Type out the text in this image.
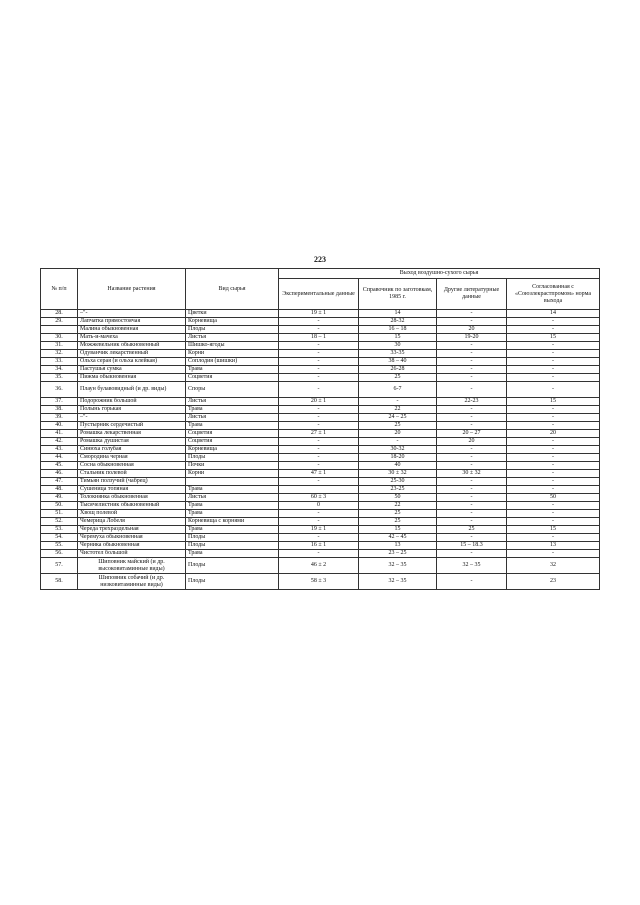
223
№ п/п	Название растения	Вид сырья	Выход воздушно-сухого сырья			
			Экспериментальные данные	Справочник по заготовкам, 1985 г.	Другие литературные данные	Согласованная с «Союзлекрастпромом» норма выхода
28.	–"-	Цветки	19 ± 1	14	-	14
29.	Лапчатка прямостоячая	Корневища	-	28-32	-	-
	Малина обыкновенная	Плоды	-	16 – 18	20	-
30.	Мать-и-мачеха	Листья	18 – 1	15	19-20	15
31.	Можжевельник обыкновенный	Шишко-ягоды	-	30	-	-
32.	Одуванчик лекарственный	Корни	-	33-35	-	-
33.	Ольха серая (и ольха клейкая)	Соплодия (шишки)	-	38 – 40	-	-
34.	Пастушья сумка	Трава	-	26-28	-	-
35.	Пижма обыкновенная	Соцветия	-	25	-	-
36.	Плаун булавовидный (и др. виды)	Споры	-	6-7	-	-
37.	Подорожник большой	Листья	20 ± 1	-	22-23	15
38.	Полынь горькая	Трава	-	22	-	-
39.	–"-	Листья	-	24 – 25	-	-
40.	Пустырник сердечистый	Трава	-	25	-	-
41.	Ромашка лекарственная	Соцветия	27 ± 1	20	20 – 27	20
42.	Ромашка душистая	Соцветия	-	-	20	-
43.	Синюха голубая	Корневища	-	30-32	-	-
44.	Смородина черная	Плоды	-	18-20	-	-
45.	Сосна обыкновенная	Почки	-	40	-	-
46.	Стальник полевой	Корни	47 ± 1	30 ± 32	30 ± 32	-
47.	Тимьян ползучий (чабрец)		-	25-30	-	-
48.	Сушеница топяная	Трава		23-25	-	-
49.	Толокнянка обыкновенная	Листья	60 ± 3	50	-	50
50.	Тысячелистник обыкновенный	Трава	0	22	-	-
51.	Хвощ полевой	Трава	-	25	-	-
52.	Чемерица Лобеля	Корневища с корнями	-	25	-	-
53.	Череда трехраздельная	Трава	19 ± 1	15	25	15
54.	Черемуха обыкновенная	Плоды	-	42 – 45	-	-
55.	Черника обыкновенная	Плоды	16 ± 1	13	15 – 18.3	13
56.	Чистотел большой	Трава	-	23 – 25	-	-
57.	Шиповник майский (и др. высоковитаминные виды)	Плоды	46 ± 2	32 – 35	32 – 35	32
58.	Шиповник собачий (и др. низковитаминные виды)	Плоды	58 ± 3	32 – 35	-	23
